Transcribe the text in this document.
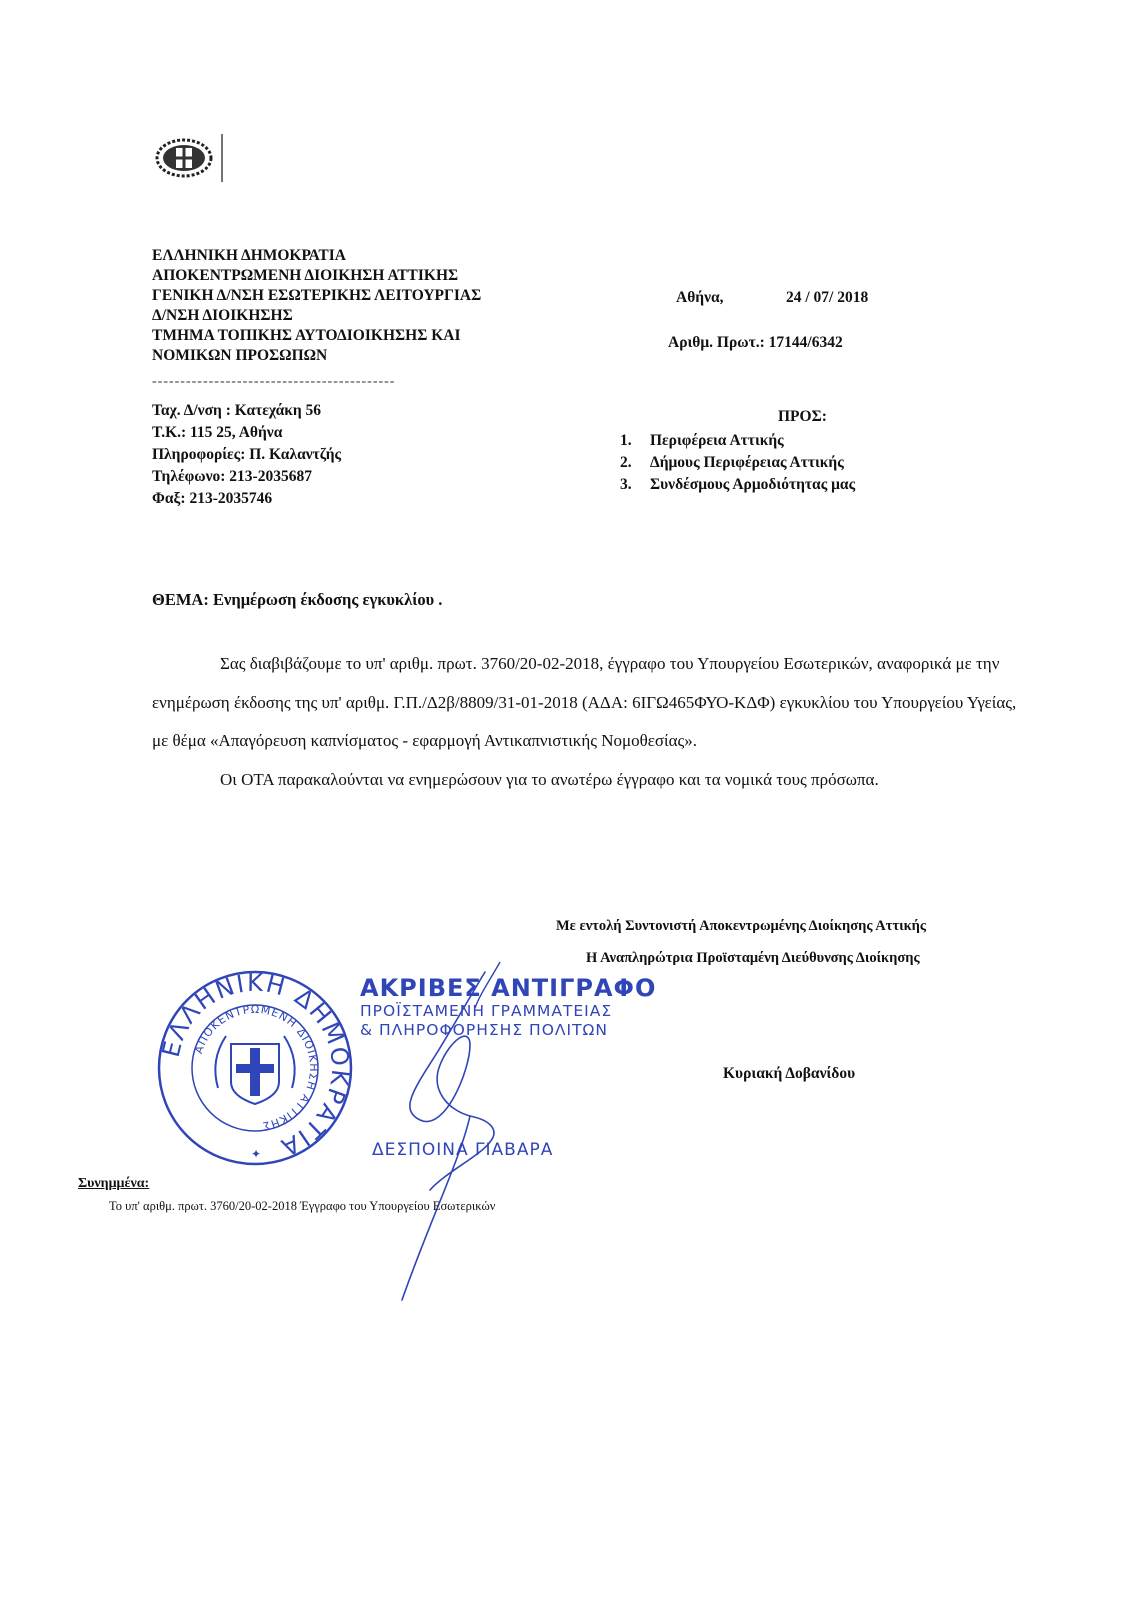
ΕΛΛΗΝΙΚΗ ΔΗΜΟΚΡΑΤΙΑ
ΑΠΟΚΕΝΤΡΩΜΕΝΗ ΔΙΟΙΚΗΣΗ ΑΤΤΙΚΗΣ
ΓΕΝΙΚΗ Δ/ΝΣΗ ΕΣΩΤΕΡΙΚΗΣ ΛΕΙΤΟΥΡΓΙΑΣ
Δ/ΝΣΗ ΔΙΟΙΚΗΣΗΣ
ΤΜΗΜΑ ΤΟΠΙΚΗΣ ΑΥΤΟΔΙΟΙΚΗΣΗΣ ΚΑΙ
ΝΟΜΙΚΩΝ ΠΡΟΣΩΠΩΝ
-------------------------------------------
Ταχ. Δ/νση : Κατεχάκη 56
Τ.Κ.: 115 25, Αθήνα
Πληροφορίες: Π. Καλαντζής
Τηλέφωνο: 213-2035687
Φαξ: 213-2035746
Αθήνα,	24 / 07/ 2018
Αριθμ. Πρωτ.: 17144/6342
ΠΡΟΣ:
1. Περιφέρεια Αττικής
2. Δήμους Περιφέρειας Αττικής
3. Συνδέσμους Αρμοδιότητας μας
ΘΕΜΑ: Ενημέρωση έκδοσης εγκυκλίου .

Σας διαβιβάζουμε το υπ' αριθμ. πρωτ. 3760/20-02-2018, έγγραφο του Υπουργείου Εσωτερικών, αναφορικά με την ενημέρωση έκδοσης της υπ' αριθμ. Γ.Π./Δ2β/8809/31-01-2018 (ΑΔΑ: 6ΙΓΩ465ΦΥΟ-ΚΔΦ) εγκυκλίου του Υπουργείου Υγείας, με θέμα «Απαγόρευση καπνίσματος - εφαρμογή Αντικαπνιστικής Νομοθεσίας».

Οι ΟΤΑ παρακαλούνται να ενημερώσουν για το ανωτέρω έγγραφο και τα νομικά τους πρόσωπα.

Με εντολή Συντονιστή Αποκεντρωμένης Διοίκησης Αττικής
Η Αναπληρώτρια Προϊσταμένη Διεύθυνσης Διοίκησης
Κυριακή Δοβανίδου
ΕΛΛΗΝΙΚΗ ΔΗΜΟΚΡΑΤΙΑ
ΑΠΟΚΕΝΤΡΩΜΕΝΗ ΔΙΟΙΚΗΣΗ ΑΤΤΙΚΗΣ
✦
ΑΚΡΙΒΕΣ ΑΝΤΙΓΡΑΦΟ
ΠΡΟΪΣΤΑΜΕΝΗ ΓΡΑΜΜΑΤΕΙΑΣ
& ΠΛΗΡΟΦΟΡΗΣΗΣ ΠΟΛΙΤΩΝ
ΔΕΣΠΟΙΝΑ ΓΙΑΒΑΡΑ
Συνημμένα:
Το υπ' αριθμ. πρωτ. 3760/20-02-2018 Έγγραφο του Υπουργείου Εσωτερικών
